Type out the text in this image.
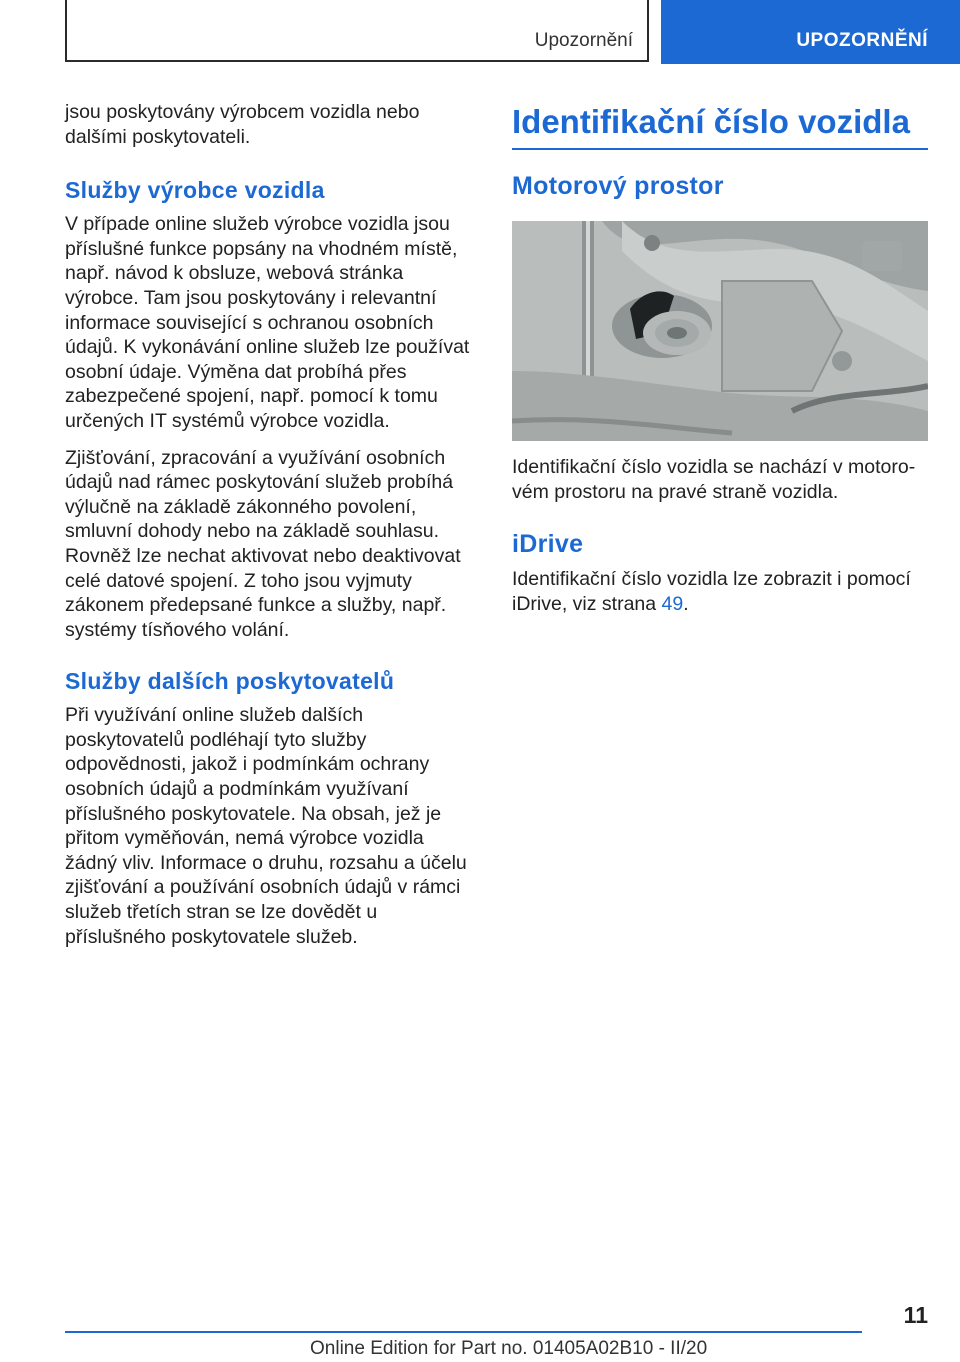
Upozornění	UPOZORNĚNÍ

jsou poskytovány výrobcem vozidla nebo dalšími poskytovateli.

Služby výrobce vozidla

V případe online služeb výrobce vozidla jsou příslušné funkce popsány na vhodném místě, např. návod k obsluze, webová stránka výrobce. Tam jsou poskytovány i relevantní informace související s ochranou osobních údajů. K vykonávání online služeb lze používat osobní údaje. Výměna dat probíhá přes zabezpečené spojení, např. pomocí k tomu určených IT systémů výrobce vozidla.

Zjišťování, zpracování a využívání osobních údajů nad rámec poskytování služeb probíhá výlučně na základě zákonného povolení, smluvní dohody nebo na základě souhlasu. Rovněž lze nechat aktivovat nebo deaktivovat celé datové spojení. Z toho jsou vyjmuty zákonem předepsané funkce a služby, např. systémy tísňového volání.

Služby dalších poskytovatelů

Při využívání online služeb dalších poskytovatelů podléhají tyto služby odpovědnosti, jakož i podmínkám ochrany osobních údajů a podmínkám využívaní příslušného poskytovatele. Na obsah, jež je přitom vyměňován, nemá výrobce vozidla žádný vliv. Informace o druhu, rozsahu a účelu zjišťování a používání osobních údajů v rámci služeb třetích stran se lze dovědět u příslušného poskytovatele služeb.

Identifikační číslo vozidla
Motorový prostor

Identifikační číslo vozidla se nachází v motorovém prostoru na pravé straně vozidla.

iDrive

Identifikační číslo vozidla lze zobrazit i pomocí iDrive, viz strana 49.

11
Online Edition for Part no. 01405A02B10 - II/20
